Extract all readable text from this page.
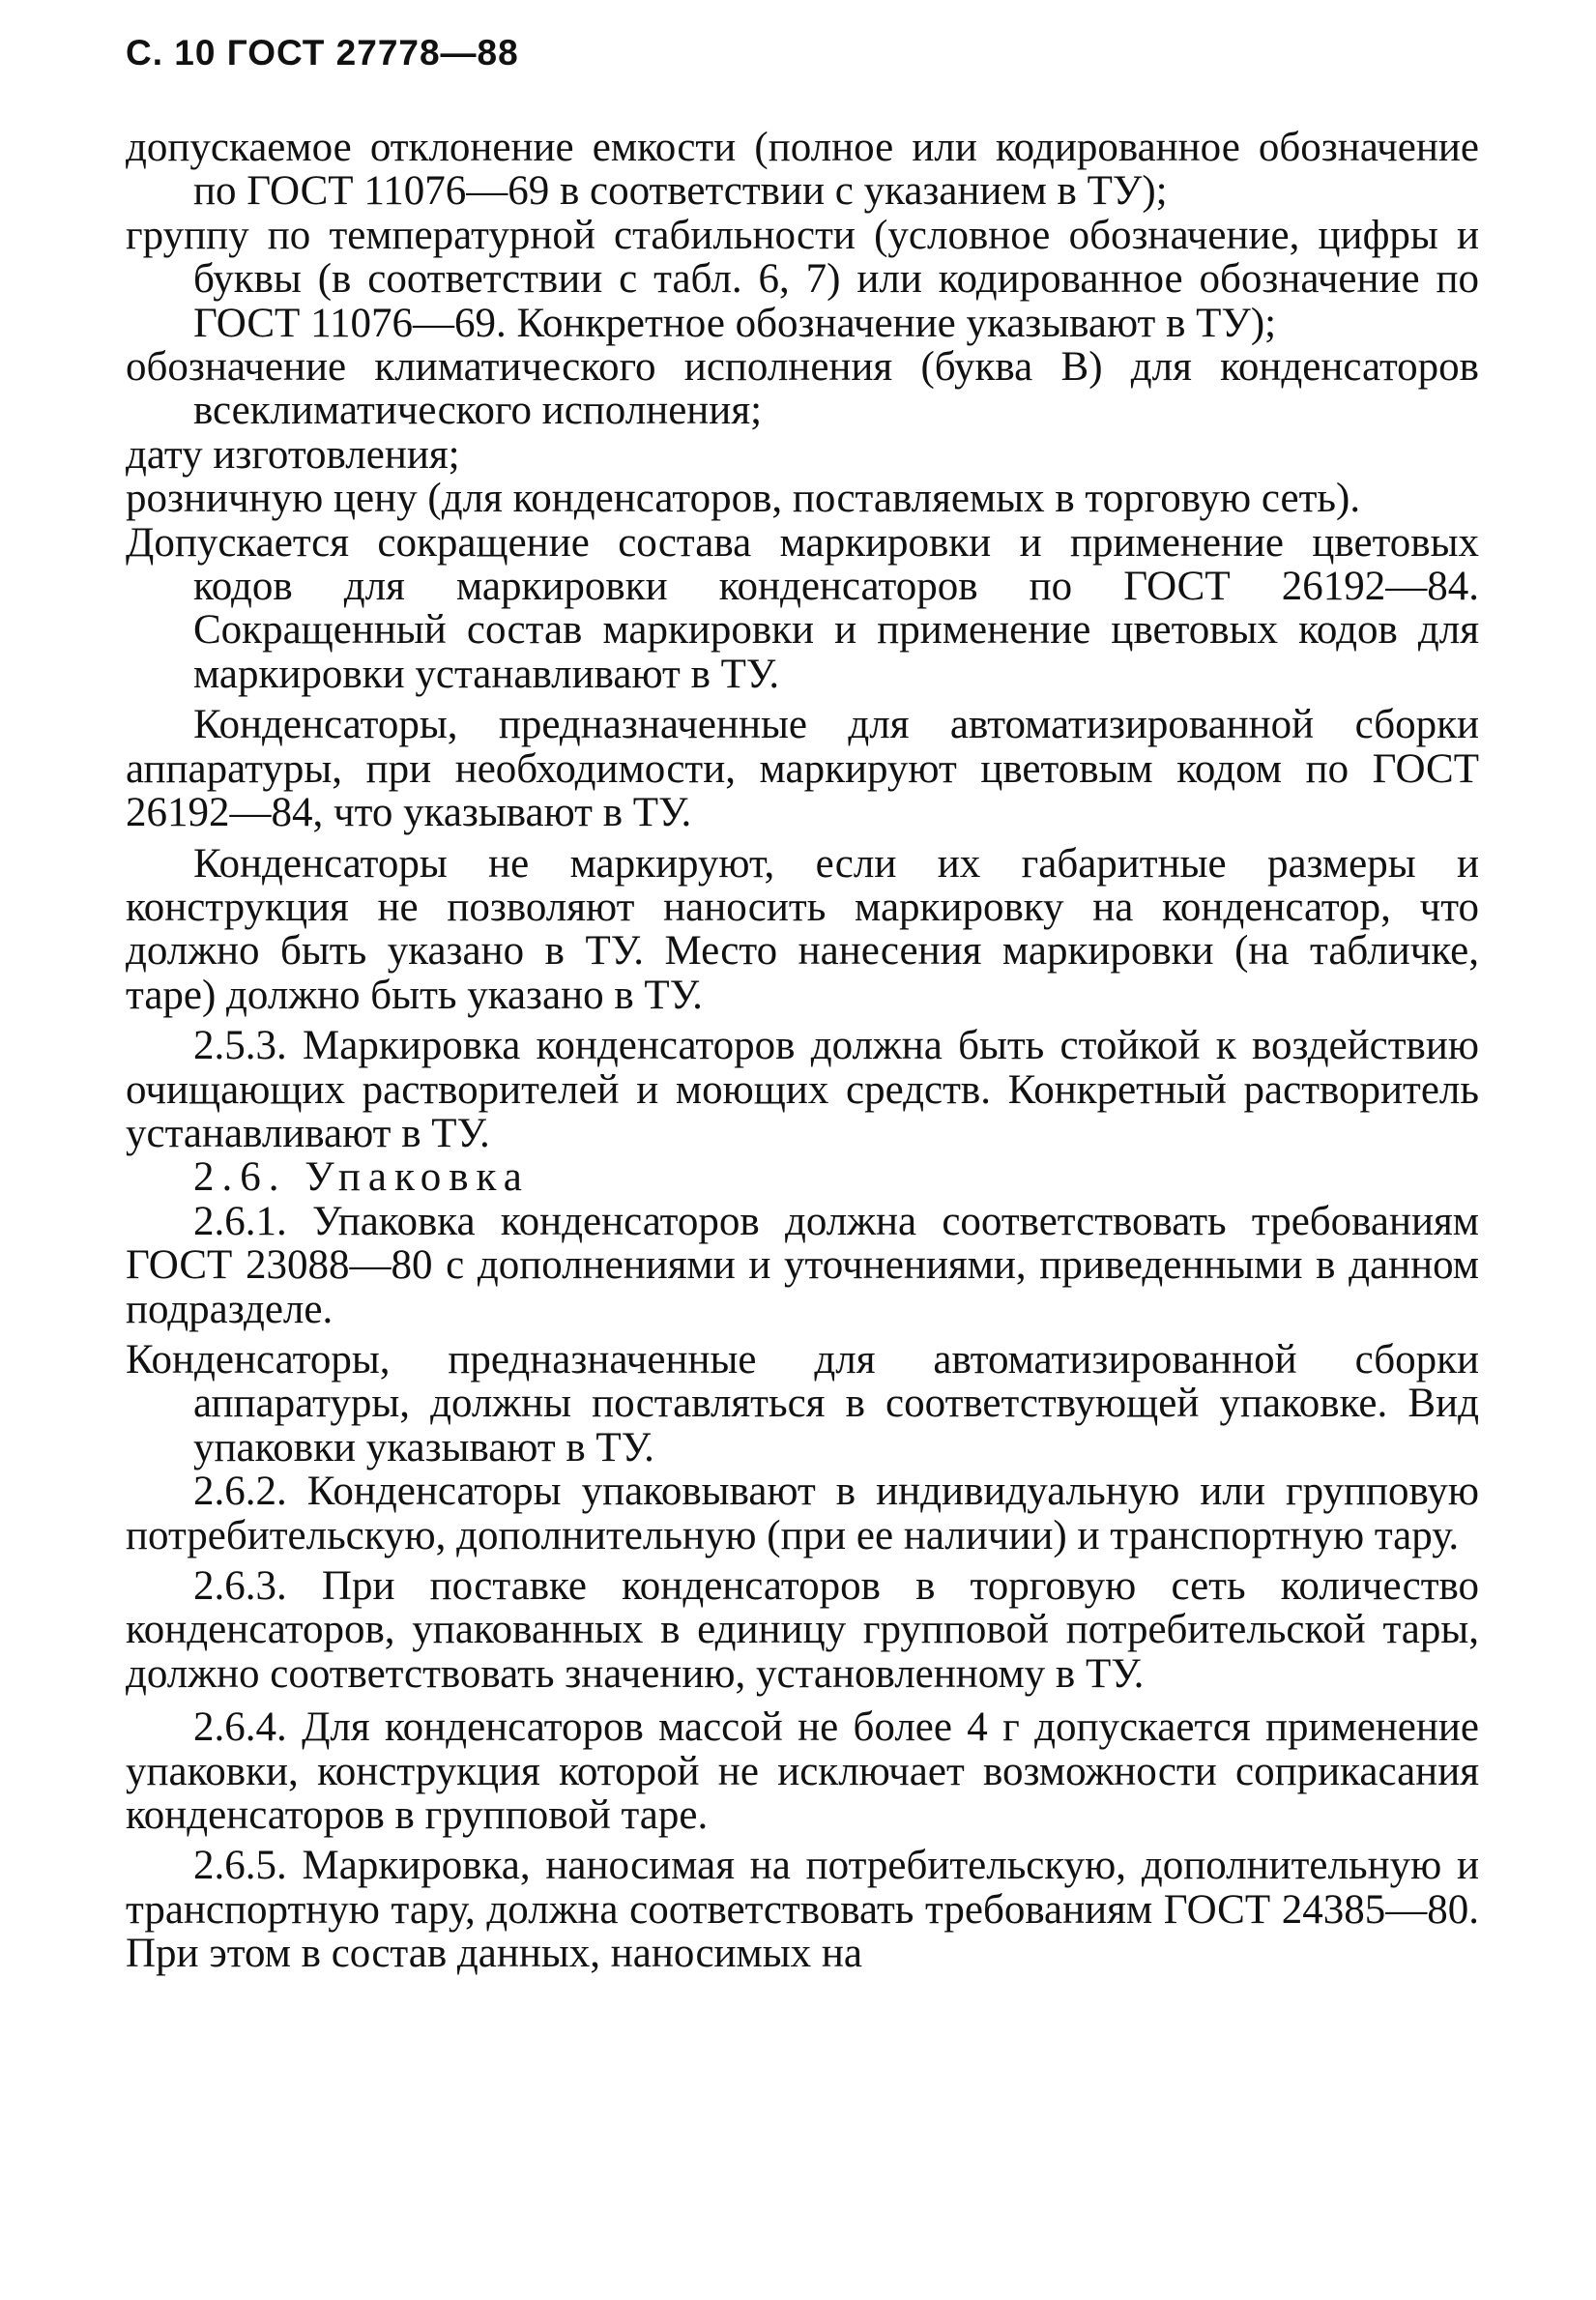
С. 10 ГОСТ 27778—88

допускаемое отклонение емкости (полное или кодированное обозначение по ГОСТ 11076—69 в соответствии с указанием в ТУ);

группу по температурной стабильности (условное обозначение, цифры и буквы (в соответствии с табл. 6, 7) или кодированное обозначение по ГОСТ 11076—69. Конкретное обозначение указывают в ТУ);

обозначение климатического исполнения (буква В) для конденсаторов всеклиматического исполнения;

дату изготовления;

розничную цену (для конденсаторов, поставляемых в торговую сеть).

Допускается сокращение состава маркировки и применение цветовых кодов для маркировки конденсаторов по ГОСТ 26192—84. Сокращенный состав маркировки и применение цветовых кодов для маркировки устанавливают в ТУ.

Конденсаторы, предназначенные для автоматизированной сборки аппаратуры, при необходимости, маркируют цветовым кодом по ГОСТ 26192—84, что указывают в ТУ.

Конденсаторы не маркируют, если их габаритные размеры и конструкция не позволяют наносить маркировку на конденсатор, что должно быть указано в ТУ. Место нанесения маркировки (на табличке, таре) должно быть указано в ТУ.

2.5.3. Маркировка конденсаторов должна быть стойкой к воздействию очищающих растворителей и моющих средств. Конкретный растворитель устанавливают в ТУ.

2.6. Упаковка

2.6.1. Упаковка конденсаторов должна соответствовать требованиям ГОСТ 23088—80 с дополнениями и уточнениями, приведенными в данном подразделе.

Конденсаторы, предназначенные для автоматизированной сборки аппаратуры, должны поставляться в соответствующей упаковке. Вид упаковки указывают в ТУ.

2.6.2. Конденсаторы упаковывают в индивидуальную или групповую потребительскую, дополнительную (при ее наличии) и транспортную тару.

2.6.3. При поставке конденсаторов в торговую сеть количество конденсаторов, упакованных в единицу групповой потребительской тары, должно соответствовать значению, установленному в ТУ.

2.6.4. Для конденсаторов массой не более 4 г допускается применение упаковки, конструкция которой не исключает возможности соприкасания конденсаторов в групповой таре.

2.6.5. Маркировка, наносимая на потребительскую, дополнительную и транспортную тару, должна соответствовать требованиям ГОСТ 24385—80. При этом в состав данных, наносимых на
